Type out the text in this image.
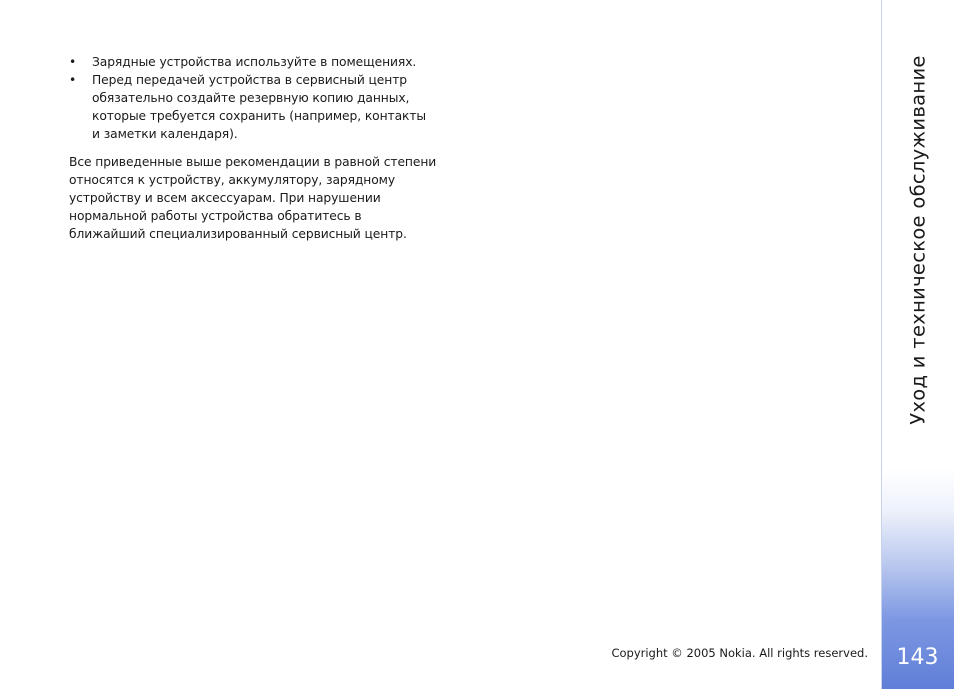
• Зарядные устройства используйте в помещениях.
• Перед передачей устройства в сервисный центр
обязательно создайте резервную копию данных,
которые требуется сохранить (например, контакты
и заметки календаря).

Все приведенные выше рекомендации в равной степени
относятся к устройству, аккумулятору, зарядному
устройству и всем аксессуарам. При нарушении
нормальной работы устройства обратитесь в
ближайший специализированный сервисный центр.

Copyright © 2005 Nokia. All rights reserved.
Уход и техническое обслуживание
143
